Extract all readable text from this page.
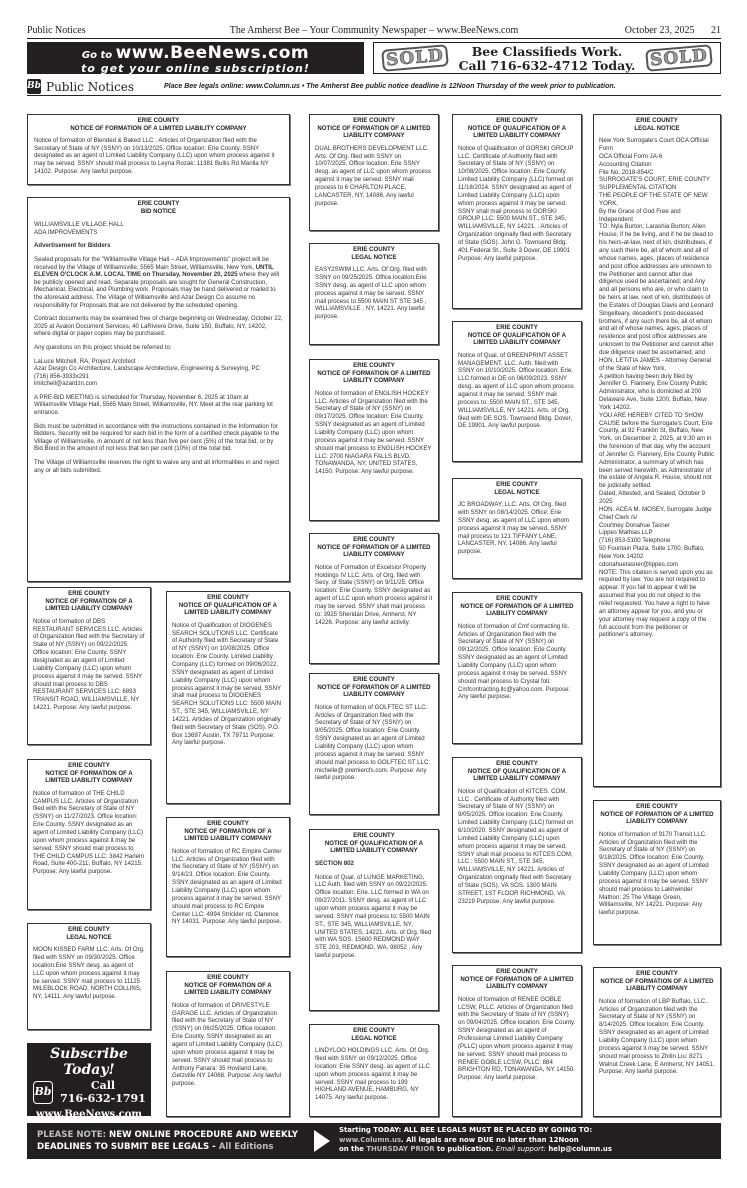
Public Notices	The Amherst Bee – Your Community Newspaper – www.BeeNews.com	October 23, 2025 21
Go to www.BeeNews.com
to get your online subscription!	SOLD	Bee Classifieds Work.
Call 716-632-4712 Today. SOLD
Bb Public Notices	Place Bee legals online: www.Column.us • The Amherst Bee public notice deadline is 12Noon Thursday of the week prior to publication.
ERIE COUNTY
NOTICE OF FORMATION OF A LIMITED LIABILITY COMPANY

Notice of formation of Blended & Baked LLC . Articles of Organization filed with the Secretary of State of NY (SSNY) on 10/13/2025. Office location: Erie County. SSNY designated as an agent of Limited Liability Company (LLC) upon whom process against it may be served. SSNY should mail process to Leyna Rozak: 11381 Bullis Rd Marilla NY 14102. Purpose: Any lawful purpose.

ERIE COUNTY
BID NOTICE

WILLIAMSVILLE VILLAGE HALL

ADA IMPROVEMENTS

Advertisement for Bidders

Sealed proposals for the "Williamsville Village Hall – ADA Improvements" project will be received by the Village of Williamsville, 5565 Main Street, Williamsville, New York, UNTIL ELEVEN O'CLOCK A.M. LOCAL TIME on Thursday, November 20, 2025 where they will be publicly opened and read. Separate proposals are sought for General Construction, Mechanical, Electrical, and Plumbing work. Proposals may be hand delivered or mailed to the aforesaid address. The Village of Williamsville and Azar Design Co assume no responsibility for Proposals that are not delivered by the scheduled opening.

Contract documents may be examined free of charge beginning on Wednesday, October 22, 2025 at Avalon Document Services, 40 LaRiviere Drive, Suite 150, Buffalo, NY, 14202, where digital or paper copies may be purchased.

Any questions on this project should be referred to:

LaLuce Mitchell, RA, Project Architect

Azar Design Co Architecture, Landscape Architecture, Engineering & Surveying, PC

(716) 856-3933x291

lmitchell@azardzn.com

A PRE-BID MEETING is scheduled for Thursday, November 6, 2025 at 10am at Williamsville Village Hall, 5565 Main Street, Williamsville, NY. Meet at the rear parking lot entrance.

Bids must be submitted in accordance with the instructions contained in the Information for Bidders. Security will be required for each bid in the form of a certified check payable to the Village of Williamsville, in amount of not less than five per cent (5%) of the total bid, or by Bid Bond in the amount of not less that ten per cent (10%) of the total bid.

The Village of Williamsville reserves the right to waive any and all informalities in and reject any or all bids submitted.

ERIE COUNTY
NOTICE OF FORMATION OF A LIMITED LIABILITY COMPANY

Notice of formation of DBS RESTAURANT SERVICES LLC. Articles of Organization filed with the Secretary of State of NY (SSNY) on 09/22/2025. Office location: Erie County. SSNY designated as an agent of Limited Liability Company (LLC) upon whom process against it may be served. SSNY should mail process to DBS RESTAURANT SERVICES LLC: 6893 TRANSIT ROAD, WILLIAMSVILLE, NY 14221. Purpose: Any lawful purpose.

ERIE COUNTY
NOTICE OF FORMATION OF A LIMITED LIABILITY COMPANY

Notice of formation of THE CHILD CAMPUS LLC. Articles of Organization filed with the Secretary of State of NY (SSNY) on 11/27/2023. Office location: Erie County. SSNY designated as an agent of Limited Liability Company (LLC) upon whom process against it may be served. SSNY should mail process to THE CHILD CAMPUS LLC: 3842 Harlem Road, Suite 400-211, Buffalo, NY 14215. Purpose: Any lawful purpose.

ERIE COUNTY
LEGAL NOTICE

MOON KISSED FARM LLC. Arts. Of Org. filed with SSNY on 09/30/2025. Office location:Erie SSNY desg. as agent of LLC upon whom process against it may be served. SSNY mail process to 11125 MILEBLOCK ROAD, NORTH COLLINS, NY, 14111. Any lawful purpose.

Subscribe Today!
Bb	Call
716-632-1791
www.BeeNews.com
ERIE COUNTY
NOTICE OF QUALIFICATION OF A LIMITED LIABILITY COMPANY

Notice of Qualification of DIOGENES SEARCH SOLUTIONS LLC. Certificate of Authority filed with Secretary of State of NY (SSNY) on 10/08/2025. Office location: Erie County. Limited Liability Company (LLC) formed on 09/06/2022. SSNY designated as agent of Limited Liability Company (LLC) upon whom process against it may be served. SSNY shall mail process to DIOGENES SEARCH SOLUTIONS LLC: 5500 MAIN ST., STE 345, WILLIAMSVILLE, NY 14221. Articles of Organization originally filed with Secretary of State (SOS). P.O. Box 13697 Austin, TX 78711 Purpose: Any lawful purpose.

ERIE COUNTY
NOTICE OF FORMATION OF A LIMITED LIABILITY COMPANY

Notice of formation of RC Empire Center LLC. Articles of Organization filed with the Secretary of State of NY (SSNY) on 9/14/23. Office location: Erie County. SSNY designated as an agent of Limited Liability Company (LLC) upon whom process against it may be served. SSNY should mail process to RC Empire Center LLC: 4994 Strickler rd, Clarence NY 14031. Purpose: Any lawful purpose.

ERIE COUNTY
NOTICE OF FORMATION OF A LIMITED LIABILITY COMPANY

Notice of formation of DRIVESTYLE GARAGE LLC. Articles of Organization filed with the Secretary of State of NY (SSNY) on 06/25/2025. Office location: Erie County. SSNY designated as an agent of Limited Liability Company (LLC) upon whom process against it may be served. SSNY should mail process to Anthony Fanara: 35 Hoviland Lane, Getzville NY 14068. Purpose: Any lawful purpose.

ERIE COUNTY
NOTICE OF FORMATION OF A LIMITED LIABILITY COMPANY

DUAL BROTHERS DEVELOPMENT LLC. Arts. Of Org. filed with SSNY on 10/07/2025. Office location: Erie SSNY desg. as agent of LLC upon whom process against it may be served. SSNY mail process to 6 CHARLTON PLACE, LANCASTER, NY, 14086. Any lawful purpose.

ERIE COUNTY
LEGAL NOTICE

EASY2SWIM LLC. Arts. Of Org. filed with SSNY on 09/25/2025. Office location:Erie SSNY desg. as agent of LLC upon whom process against it may be served. SSNY mail process to 5500 MAIN ST STE 345 , WILLIAMSVILLE , NY, 14221. Any lawful purpose.

ERIE COUNTY
NOTICE OF FORMATION OF A LIMITED LIABILITY COMPANY

Notice of formation of ENGLISH HOCKEY LLC. Articles of Organization filed with the Secretary of State of NY (SSNY) on 09/17/2025. Office location: Erie County. SSNY designated as an agent of Limited Liability Company (LLC) upon whom process against it may be served. SSNY should mail process to ENGLISH HOCKEY LLC: 2700 NIAGARA FALLS BLVD, TONAWANDA, NY, UNITED STATES, 14150. Purpose: Any lawful purpose.

ERIE COUNTY
NOTICE OF FORMATION OF A LIMITED LIABILITY COMPANY

Notice of Formation of Excelsior Property Holdings IV LLC. Arts. of Org. filed with Secy. of State (SSNY) on 9/11/25. Office location: Erie County. SSNY designated as agent of LLC upon whom process against it may be served. SSNY shall mail process to: 3925 Sheridan Drive, Amherst, NY 14226. Purpose: any lawful activity.

ERIE COUNTY
NOTICE OF FORMATION OF A LIMITED LIABILITY COMPANY

Notice of formation of GOLFTEC ST LLC. Articles of Organization filed with the Secretary of State of NY (SSNY) on 9/05/2025. Office location: Erie County. SSNY designated as an agent of Limited Liability Company (LLC) upon whom process against it may be served. SSNY should mail process to GOLFTEC ST LLC: michelle@ premiercfs.com. Purpose: Any lawful purpose.

ERIE COUNTY
NOTICE OF QUALIFICATION OF A LIMITED LIABILITY COMPANY

SECTION 802

Notice of Qual. of LUNGE MARKETING, LLC Auth. filed with SSNY on 09/22/2025. Office location: Erie. LLC formed in WA on 09/27/2011. SSNY desg. as agent of LLC upon whom process against it may be served. SSNY mail process to: 5500 MAIN ST., STE 345, WILLIAMSVILLE, NY, UNITED STATES, 14221. Arts. of Org. filed with WA SOS. 15600 REDMOND WAY STE 203, REDMOND, WA, 98052 . Any lawful purpose.

ERIE COUNTY
LEGAL NOTICE

LINDYLOO HOLDINGS LLC. Arts. Of Org. filed with SSNY on 09/12/2025. Office location: Erie SSNY desg. as agent of LLC upon whom process against it may be served. SSNY mail process to 199 HIGHLAND AVENUE, HAMBURG, NY 14075. Any lawful purpose.

ERIE COUNTY
NOTICE OF QUALIFICATION OF A LIMITED LIABILITY COMPANY

Notice of Qualification of GORSKI GROUP LLC. Certificate of Authority filed with Secretary of State of NY (SSNY) on 10/08/2025. Office location: Erie County. Limited Liability Company (LLC) formed on 11/18/2014. SSNY designated as agent of Limited Liability Company (LLC) upon whom process against it may be served. SSNY shall mail process to GORSKI GROUP LLC: 5500 MAIN ST., STE 345, WILLIAMSVILLE, NY 14221. . Articles of Organization originally filed with Secretary of State (SOS). John G. Townsend Bldg. 401 Federal St., Suite 3 Dover, DE 19901 Purpose: Any lawful purpose.

ERIE COUNTY
NOTICE OF QUALIFICATION OF A LIMITED LIABILITY COMPANY

Notice of Qual. of GREENPRINT ASSET MANAGEMENT, LLC. Auth. filed with SSNY on 10/10/2025. Office location: Erie. LLC formed in DE on 06/09/2023. SSNY desg. as agent of LLC upon whom process against it may be served. SSNY mail process to: 5500 MAIN ST., STE 345, WILLIAMSVILLE, NY 14221. Arts. of Org. filed with DE SOS. Townsend Bldg. Dover, DE 19901. Any lawful purpose.

ERIE COUNTY
LEGAL NOTICE

JC BROADWAY, LLC. Arts. Of Org. filed with SSNY on 08/14/2025. Office: Erie SSNY desg. as agent of LLC upon whom process against it may be served. SSNY mail process to 121 TIFFANY LANE, LANCASTER, NY, 14086. Any lawful purpose.

ERIE COUNTY
NOTICE OF FORMATION OF A LIMITED LIABILITY COMPANY

Notice of formation of Cmf contracting llc. Articles of Organization filed with the Secretary of State of NY (SSNY) on 09/12/2025. Office location: Erie County. SSNY designated as an agent of Limited Liability Company (LLC) upon whom process against it may be served. SSNY should mail process to Crystal foti: Cmfcontracting.llc@yahoo.com. Purpose: Any lawful purpose.

ERIE COUNTY
NOTICE OF QUALIFICATION OF A LIMITED LIABILITY COMPANY

Notice of Qualification of KITCES. COM, LLC . Certificate of Authority filed with Secretary of State of NY (SSNY) on 9/05/2025. Office location: Erie County. Limited Liability Company (LLC) formed on 6/10/2020. SSNY designated as agent of Limited Liability Company (LLC) upon whom process against it may be served. SSNY shall mail process to KITCES.COM, LLC : 5500 MAIN ST., STE 345, WILLIAMSVILLE, NY 14221. Articles of Organization originally filed with Secretary of State (SOS). VA SOS. 1300 MAIN STREET, 1ST FLOOR RICHMOND, VA 23219 Purpose: Any lawful purpose.

ERIE COUNTY
NOTICE OF FORMATION OF A LIMITED LIABILITY COMPANY

Notice of formation of RENEE GOBLE LCSW, PLLC. Articles of Organization filed with the Secretary of State of NY (SSNY) on 09/04/2025. Office location: Erie County. SSNY designated as an agent of Professional Limited Liability Company (PLLC) upon whom process against it may be served. SSNY should mail process to RENEE GOBLE LCSW, PLLC: 884 BRIGHTON RD, TONAWANDA, NY 14150. Purpose: Any lawful purpose.

ERIE COUNTY
LEGAL NOTICE

New York Surrogate's Court OCA Official Form

OCA Official Form JA-6

Accounting Citation

File No. 2018-854/C

SURROGATE'S COURT, ERIE COUNTY

SUPPLEMENTAL CITATION

THE PEOPLE OF THE STATE OF NEW YORK,

By the Grace of God Free and Independent

TO: Nyla Burton; Larashia Burton; Allen House, if he be living, and if he be dead to his heirs-at-law, next of kin, distributees, if any such there be, all of whom and all of whose names, ages, places of residence and post office addresses are unknown to the Petitioner and cannot after due diligence used be ascertained; and Any and all persons who are, or who claim to be heirs at law, next of kin, distributees of the Estates of Douglas Davis and Leonard Singelteary, decedent's post-deceased brothers, if any such there be, all of whom and all of whose names, ages, places of residence and post office addresses are unknown to the Petitioner and cannot after due diligence used be ascertained; and HON. LETITIA JAMES - Attorney General of the State of New York.

A petition having been duly filed by Jennifer G. Flannery, Erie County Public Administrator, who is domiciled at 200 Delaware Ave, Suite 1200, Buffalo, New York 14202.

YOU ARE HEREBY CITED TO SHOW CAUSE before the Surrogate's Court, Erie County, at 92 Franklin St, Buffalo, New York, on December 2, 2025, at 9:30 am in the forenoon of that day, why the account of Jennifer G. Flannery, Erie County Public Administrator, a summary of which has been served herewith, as Administrator of the estate of Angela R. House, should not be judicially settled.

Dated, Attested, and Sealed, October 9 2025

HON. ACEA M. MOSEY, Surrogate Judge

Chief Clerk /s/

Courtney Donahue Tasner

Lippes Mathias LLP

(716) 853-5100 Telephone

50 Fountain Plaza, Suite 1700, Buffalo, New York 14202

cdonahuetasner@lippes.com

NOTE: This citation is served upon you as required by law. You are not required to appear. If you fail to appear it will be assumed that you do not object to the relief requested. You have a right to have an attorney appear for you, and you or your attorney may request a copy of the full account from the petitioner or petitioner's attorney.

ERIE COUNTY
NOTICE OF FORMATION OF A LIMITED LIABILITY COMPANY

Notice of formation of 9170 Transit LLC. Articles of Organization filed with the Secretary of State of NY (SSNY) on 9/18/2025. Office location: Erie County. SSNY designated as an agent of Limited Liability Company (LLC) upon whom process against it may be served. SSNY should mail process to Lakhwinder Mathon: 25 The Village Green, Williamsville, NY 14221. Purpose: Any lawful purpose.

ERIE COUNTY
NOTICE OF FORMATION OF A LIMITED LIABILITY COMPANY

Notice of formation of LBP Buffalo, LLC.. Articles of Organization filed with the Secretary of State of NY (SSNY) on 8/14/2025. Office location: Erie County. SSNY designated as an agent of Limited Liability Company (LLC) upon whom process against it may be served. SSNY should mail process to Zhilin Liu: 8271 Walnut Creek Lane, E Amherst, NY 14051. Purpose: Any lawful purpose.

PLEASE NOTE: NEW ONLINE PROCEDURE AND WEEKLY
DEADLINES TO SUBMIT BEE LEGALS - All Editions
Starting TODAY: ALL BEE LEGALS MUST BE PLACED BY GOING TO:
www.Column.us. All legals are now DUE no later than 12Noon
on the THURSDAY PRIOR to publication. Email support: help@column.us
